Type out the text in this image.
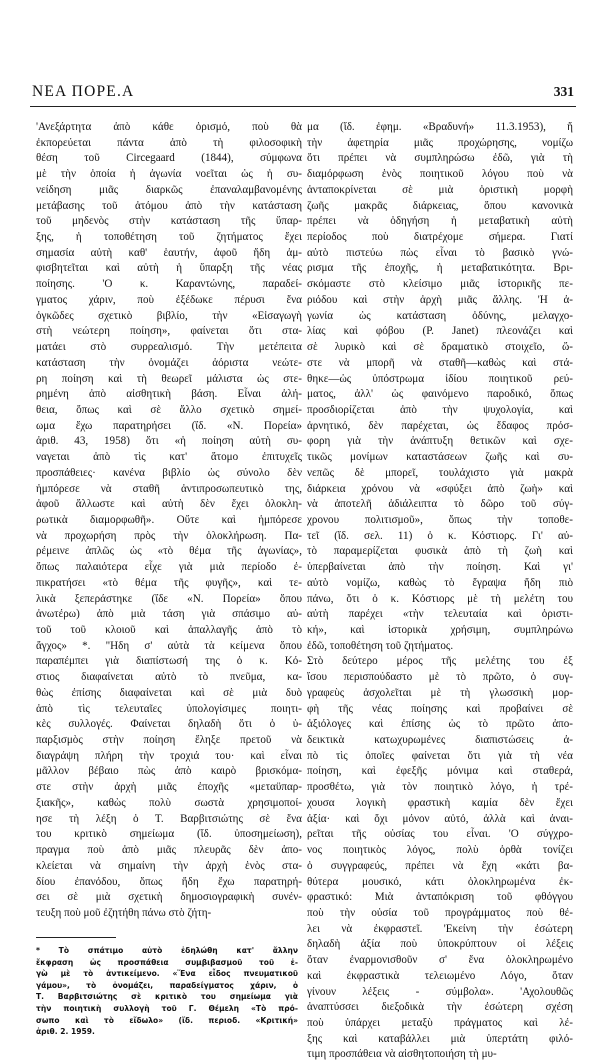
ΝΕΑ ΠΟΡΕ.Α	331
'Ανεξάρτητα ἀπὸ κάθε ὁρισμό, ποὺ θὰ
ἐκπορεύεται πάντα ἀπὸ τὴ φιλοσοφικὴ
θέση τοῦ Circegaard (1844), σύμφωνα
μὲ τὴν ὁποία ἡ ἀγωνία νοεῖται ὡς ἡ συ-
νείδηση μιᾶς διαρκῶς ἐπαναλαμβανομένης
μετάβασης τοῦ ἀτόμου ἀπὸ τὴν κατάσταση
τοῦ μηδενὸς στὴν κατάσταση τῆς ὕπαρ-
ξης, ἡ τοποθέτηση τοῦ ζητήματος ἔχει
σημασία αὐτὴ καθ' ἑαυτήν, ἀφοῦ ἤδη ἀμ-
φισβητεῖται καὶ αὐτὴ ἡ ὕπαρξη τῆς νέας
ποίησης. 'Ο κ. Καραντώνης, παραδεί-
γματος χάριν, ποὺ ἐξέδωκε πέρυσι ἕνα
ὀγκῶδες σχετικὸ βιβλίο, τὴν «Εἰσαγωγὴ
στὴ νεώτερη ποίηση», φαίνεται ὅτι στα-
ματάει στὸ συρρεαλισμό. Τὴν μετέπειτα
κατάσταση τὴν ὀνομάζει ἀόριστα νεώτε-
ρη ποίηση καὶ τὴ θεωρεῖ μάλιστα ὡς στε-
ρημένη ἀπὸ αἰσθητικὴ βάση. Εἶναι ἀλή-
θεια, ὅπως καὶ σὲ ἄλλο σχετικὸ σημεί-
ωμα ἔχω παρατηρήσει (ἴδ. «Ν. Πορεία»
ἀριθ. 43, 1958) ὅτι «ἡ ποίηση αὐτὴ συ-
ναγεται ἀπὸ τὶς κατ' ἄτομο ἐπιτυχεῖς
προσπάθειες· κανένα βιβλίο ὡς σύνολο δὲν
ἠμπόρεσε νὰ σταθῆ ἀντιπροσωπευτικὸ της,
ἀφοῦ ἄλλωστε καὶ αὐτὴ δὲν ἔχει ὁλοκλη-
ρωτικὰ διαμορφωθῆ». Οὔτε καὶ ἠμπόρεσε
νὰ προχωρήση πρὸς τὴν ὁλοκλήρωση. Πα-
ρέμεινε ἁπλῶς ὡς «τὸ θέμα τῆς ἀγωνίας»,
ὅπως παλαιότερα εἶχε γιὰ μιὰ περίοδο ἐ-
πικρατήσει «τὸ θέμα τῆς φυγῆς», καὶ τε-
λικὰ ξεπεράστηκε (ἴδε «Ν. Πορεία» ὅπου
ἀνωτέρω) ἀπὸ μιὰ τάση γιὰ σπάσιμο αὐ-
τοῦ τοῦ κλοιοῦ καὶ ἀπαλλαγῆς ἀπὸ τὸ
ἄγχος» *. "Ηδη σ' αὐτὰ τὰ κείμενα ὅπου
παραπέμπει γιὰ διαπίστωσή της ὁ κ. Κό-
στιος διαφαίνεται αὐτὸ τὸ πνεῦμα, κα-
θὼς ἐπίσης διαφαίνεται καὶ σὲ μιὰ δυὸ
ἀπὸ τὶς τελευταῖες ὑπολογίσιμες ποιητι-
κὲς συλλογές. Φαίνεται δηλαδὴ ὅτι ὁ ὑ-
παρξισμὸς στὴν ποίηση ἔληξε πρετοῦ νὰ
διαγράψη πλήρη τὴν τροχιά του· καὶ εἶναι
μᾶλλον βέβαιο πὼς ἀπὸ καιρὸ βρισκόμα-
στε στὴν ἀρχὴ μιᾶς ἐποχῆς «μεταϋπαρ-
ξιακῆς», καθὼς πολὺ σωστὰ χρησιμοποί-
ησε τὴ λέξη ὁ Τ. Βαρβιτσιώτης σὲ ἕνα
του κριτικὸ σημείωμα (ἴδ. ὑποσημείωση),
πραγμα ποὺ ἀπὸ μιᾶς πλευρᾶς δὲν ἀπο-
κλείεται νὰ σημαίνη τὴν ἀρχὴ ἑνὸς στα-
δίου ἐπανόδου, ὅπως ἤδη ἔχω παρατηρή-
σει σὲ μιὰ σχετικὴ δημοσιογραφικὴ συνέν-
τευξη ποὺ μοῦ ἐζητήθη πάνω στὸ ζήτη-
μα (ἴδ. ἐφημ. «Βραδυνή» 11.3.1953), ἤ
τὴν ἀφετηρία μιᾶς προχώρησης, νομίζω
ὅτι πρέπει νὰ συμπληρώσω ἐδῶ, γιὰ τὴ
διαμόρφωση ἑνὸς ποιητικοῦ λόγου ποὺ νὰ
ἀνταποκρίνεται σὲ μιὰ ὁριστικὴ μορφὴ
ζωῆς μακρᾶς διάρκειας, ὅπου κανονικὰ
πρέπει νὰ ὁδηγήση ἡ μεταβατικὴ αὐτὴ
περίοδος ποὺ διατρέχομε σήμερα. Γιατί
αὐτὸ πιστεύω πὼς εἶναι τὸ βασικὸ γνώ-
ρισμα τῆς ἐποχῆς, ἡ μεταβατικότητα. Βρι-
σκόμαστε στὸ κλείσιμο μιᾶς ἱστορικῆς πε-
ριόδου καὶ στὴν ἀρχὴ μιᾶς ἄλλης. 'Η ἀ-
γωνία ὡς κατάσταση ὀδύνης, μελαγχο-
λίας καὶ φόβου (P. Janet) πλεονάζει καὶ
σὲ λυρικὸ καὶ σὲ δραματικὸ στοιχεῖο, ὥ-
στε νὰ μπορῆ νὰ σταθῆ—καθὼς καὶ στά-
θηκε—ὡς ὑπόστρωμα ἰδίου ποιητικοῦ ρεύ-
ματος, ἀλλ' ὡς φαινόμενο παροδικό, ὅπως
προσδιορίζεται ἀπὸ τὴν ψυχολογία, καὶ
ἀρνητικό, δὲν παρέχεται, ὡς ἔδαφος πρόσ-
φορη γιὰ τὴν ἀνάπτυξη θετικῶν καὶ σχε-
τικῶς μονίμων καταστάσεων ζωῆς καὶ συ-
νεπῶς δὲ μπορεῖ, τουλάχιστο γιὰ μακρὰ
διάρκεια χρόνου νὰ «σφύξει ἀπὸ ζωὴ» καὶ
νὰ ἀποτελῆ ἀδιάλειπτα τὸ δῶρο τοῦ σύγ-
χρονου πολιτισμοῦ», ὅπως τὴν τοποθε-
τεῖ (ἴδ. σελ. 11) ὁ κ. Κόστιορς. Γι' αὐ-
τὸ παραμερίζεται φυσικὰ ἀπὸ τὴ ζωὴ καὶ
ὑπερβαίνεται ἀπὸ τὴν ποίηση. Καὶ γι'
αὐτὸ νομίζω, καθὼς τὸ ἔγραψα ἤδη πιὸ
πάνω, ὅτι ὁ κ. Κόστιορς μὲ τὴ μελέτη του
αὐτὴ παρέχει «τὴν τελευταία καὶ ὁριστι-
κή», καὶ ἱστορικὰ χρήσιμη, συμπληρώνω
ἐδῶ, τοποθέτηση τοῦ ζητήματος.
Στὸ δεύτερο μέρος τῆς μελέτης του ἐξ
ἴσου περισπούδαστο μὲ τὸ πρῶτο, ὁ συγ-
γραφεὺς ἀσχολεῖται μὲ τὴ γλωσσικὴ μορ-
φὴ τῆς νέας ποίησης καὶ προβαίνει σὲ
ἀξιόλογες καὶ ἐπίσης ὡς τὸ πρῶτο ἀπο-
δεικτικὰ κατωχυρωμένες διαπιστώσεις ἀ-
πὸ τὶς ὁποῖες φαίνεται ὅτι γιὰ τὴ νέα
ποίηση, καὶ ἐφεξῆς μόνιμα καὶ σταθερά,
προσθέτω, γιὰ τὸν ποιητικὸ λόγο, ἡ τρέ-
χουσα λογικὴ φραστικὴ καμία δὲν ἔχει
ἀξία· καὶ ὄχι μόνον αὐτό, ἀλλὰ καὶ ἀναι-
ρεῖται τῆς οὐσίας του εἶναι. 'Ο σύγχρο-
νος ποιητικὸς λόγος, πολὺ ὀρθὰ τονίζει
ὁ συγγραφεύς, πρέπει νὰ ἔχη «κάτι βα-
θύτερα μουσικό, κάτι ὁλοκληρωμένα ἐκ-
φραστικό: Μιὰ ἀνταπόκριση τοῦ φθόγγου
ποὺ τὴν οὐσία τοῦ προγράμματος ποὺ θέ-
λει νὰ ἐκφραστεῖ. 'Εκείνη τὴν ἐσώτερη
δηλαδὴ ἀξία ποὺ ὑποκρύπτουν οἱ λέξεις
ὅταν ἐναρμονισθοῦν σ' ἕνα ὁλοκληρωμένο
καὶ ἐκφραστικὰ τελειωμένο Λόγο, ὅταν
γίνουν λέξεις - σύμβολα». 'Αχολουθῶς
ἀναπτύσσει διεξοδικὰ τὴν ἐσώτερη σχέση
ποὺ ὑπάρχει μεταξὺ πράγματος καὶ λέ-
ξης καὶ καταβάλλει μιὰ ὑπερτάτη φιλό-
τιμη προσπάθεια νὰ αἰσθητοποιήση τὴ μυ-
* Τὸ σπάτιμο αὐτὸ ἐδηλώθη κατ' ἄλλην
ἔκφραση ὡς προσπάθεια συμβιβασμοῦ τοῦ ἐ-
γὼ μὲ τὸ ἀντικείμενο. «Ἕνα εἶδος πνευματικοῦ
γάμου», τὸ ὀνομάζει, παραδείγματος χάριν, ὁ
Τ. Βαρβιτσιώτης σὲ κριτικὸ του σημείωμα γιὰ
τὴν ποιητικὴ συλλογὴ τοῦ Γ. Θέμελη «Τὸ πρό-
σωπο καὶ τὸ εἴδωλο» (ἴδ. περιοδ. «Κριτική»
ἀριθ. 2. 1959.
